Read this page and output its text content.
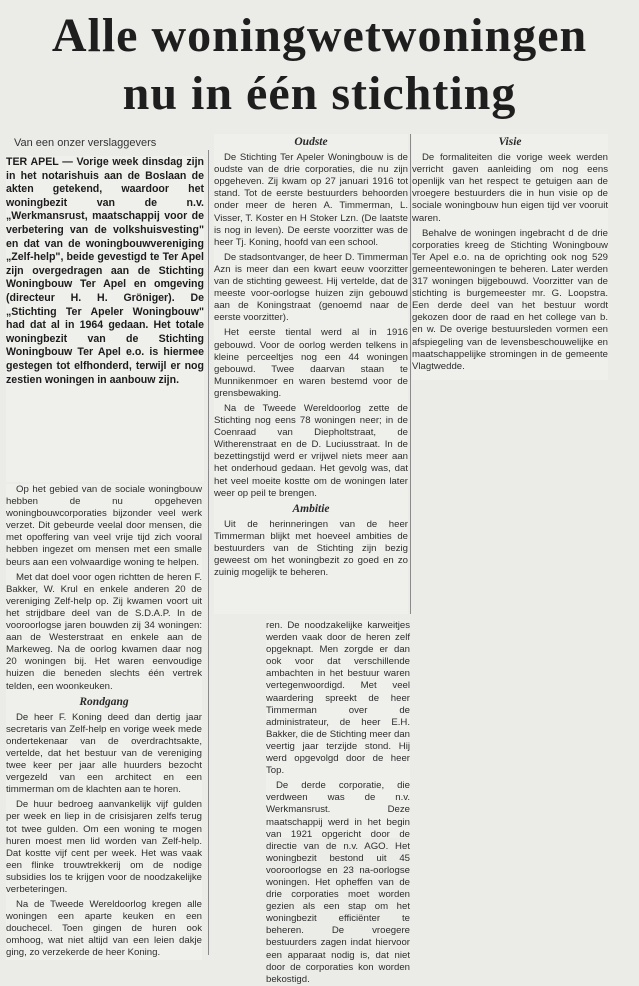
Alle woningwetwoningen
nu in één stichting
Van een onzer verslaggevers

TER APEL — Vorige week dinsdag zijn in het notarishuis aan de Boslaan de akten getekend, waardoor het woningbezit van de n.v. „Werkmansrust, maatschappij voor de verbetering van de volkshuisvesting" en dat van de woningbouwvereniging „Zelf-help", beide gevestigd te Ter Apel zijn overgedragen aan de Stichting Woningbouw Ter Apel en omgeving (directeur H. H. Gröniger). De „Stichting Ter Apeler Woningbouw" had dat al in 1964 gedaan. Het totale woningbezit van de Stichting Woningbouw Ter Apel e.o. is hiermee gestegen tot elfhonderd, terwijl er nog zestien woningen in aanbouw zijn.

Op het gebied van de sociale woningbouw hebben de nu opgeheven woningbouwcorporaties bijzonder veel werk verzet. Dit gebeurde veelal door mensen, die met opoffering van veel vrije tijd zich vooral hebben ingezet om mensen met een smalle beurs aan een volwaardige woning te helpen.

Met dat doel voor ogen richtten de heren F. Bakker, W. Krul en enkele anderen 20 de vereniging Zelf-help op. Zij kwamen voort uit het strijdbare deel van de S.D.A.P. In de vooroorlogse jaren bouwden zij 34 woningen: aan de Westerstraat en enkele aan de Markeweg. Na de oorlog kwamen daar nog 20 woningen bij. Het waren eenvoudige huizen die beneden slechts één vertrek telden, een woonkeuken.

Rondgang

De heer F. Koning deed dan dertig jaar secretaris van Zelf-help en vorige week mede ondertekenaar van de overdrachtsakte, vertelde, dat het bestuur van de vereniging twee keer per jaar alle huurders bezocht vergezeld van een architect en een timmerman om de klachten aan te horen.

De huur bedroeg aanvankelijk vijf gulden per week en liep in de crisisjaren zelfs terug tot twee gulden. Om een woning te mogen huren moest men lid worden van Zelf-help. Dat kostte vijf cent per week. Het was vaak een flinke trouwtrekkerij om de nodige subsidies los te krijgen voor de noodzakelijke verbeteringen.

Na de Tweede Wereldoorlog kregen alle woningen een aparte keuken en een douchecel. Toen gingen de huren ook omhoog, wat niet altijd van een leien dakje ging, zo verzekerde de heer Koning.

Oudste

De Stichting Ter Apeler Woningbouw is de oudste van de drie corporaties, die nu zijn opgeheven. Zij kwam op 27 januari 1916 tot stand. Tot de eerste bestuurders behoorden onder meer de heren A. Timmerman, L. Visser, T. Koster en H Stoker Lzn. (De laatste is nog in leven). De eerste voorzitter was de heer Tj. Koning, hoofd van een school.

De stadsontvanger, de heer D. Timmerman Azn is meer dan een kwart eeuw voorzitter van de stichting geweest. Hij vertelde, dat de meeste voor-oorlogse huizen zijn gebouwd aan de Koningstraat (genoemd naar de eerste voorzitter).

Het eerste tiental werd al in 1916 gebouwd. Voor de oorlog werden telkens in kleine perceeltjes nog een 44 woningen gebouwd. Twee daarvan staan te Munnikenmoer en waren bestemd voor de grensbewaking.

Na de Tweede Wereldoorlog zette de Stichting nog eens 78 woningen neer; in de Coenraad van Diepholtstraat, de Witherenstraat en de D. Luciusstraat. In de bezettingstijd werd er vrijwel niets meer aan het onderhoud gedaan. Het gevolg was, dat het veel moeite kostte om de woningen later weer op peil te brengen.

Ambitie

Uit de herinneringen van de heer Timmerman blijkt met hoeveel ambities de bestuurders van de Stichting zijn bezig geweest om het woningbezit zo goed en zo zuinig mogelijk te beheren.

ren. De noodzakelijke karweitjes werden vaak door de heren zelf opgeknapt. Men zorgde er dan ook voor dat verschillende ambachten in het bestuur waren vertegenwoordigd. Met veel waardering spreekt de heer Timmerman over de administrateur, de heer E.H. Bakker, die de Stichting meer dan veertig jaar terzijde stond. Hij werd opgevolgd door de heer Top.

De derde corporatie, die verdween was de n.v. Werkmansrust. Deze maatschappij werd in het begin van 1921 opgericht door de directie van de n.v. AGO. Het woningbezit bestond uit 45 vooroorlogse en 23 na-oorlogse woningen. Het opheffen van de drie corporaties moet worden gezien als een stap om het woningbezit efficiënter te beheren. De vroegere bestuurders zagen indat hiervoor een apparaat nodig is, dat niet door de corporaties kon worden bekostigd.

Visie

De formaliteiten die vorige week werden verricht gaven aanleiding om nog eens openlijk van het respect te getuigen aan de vroegere bestuurders die in hun visie op de sociale woningbouw hun eigen tijd ver vooruit waren.

Behalve de woningen ingebracht d de drie corporaties kreeg de Stichting Woningbouw Ter Apel e.o. na de oprichting ook nog 529 gemeentewoningen te beheren. Later werden 317 woningen bijgebouwd. Voorzitter van de stichting is burgemeester mr. G. Loopstra. Een derde deel van het bestuur wordt gekozen door de raad en het college van b. en w. De overige bestuursleden vormen een afspiegeling van de levensbeschouwelijke en maatschappelijke stromingen in de gemeente Vlagtwedde.
